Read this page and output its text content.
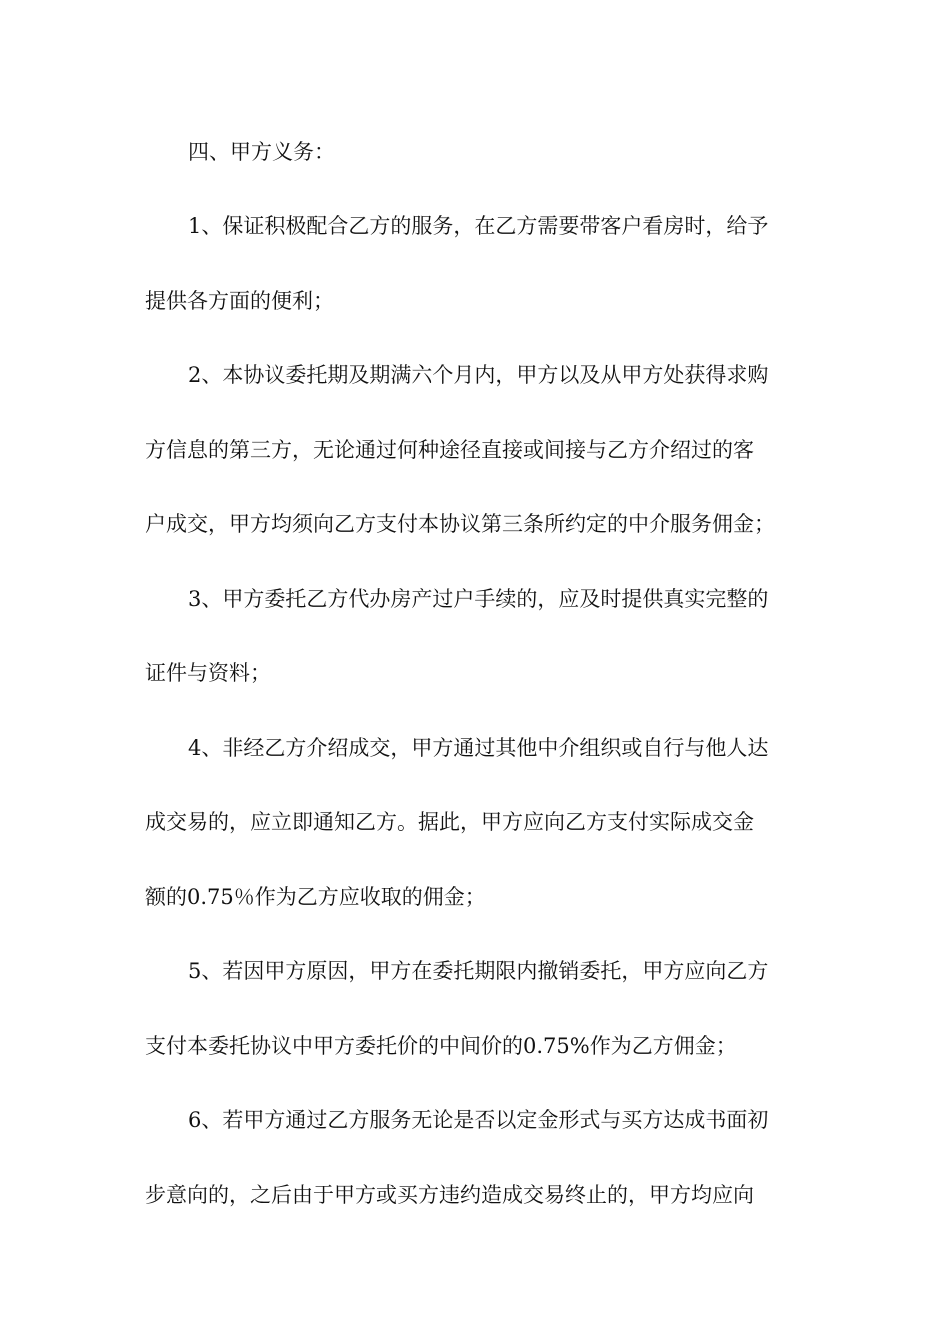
四、甲方义务：
1、保证积极配合乙方的服务，在乙方需要带客户看房时，给予
提供各方面的便利；
2、本协议委托期及期满六个月内，甲方以及从甲方处获得求购
方信息的第三方，无论通过何种途径直接或间接与乙方介绍过的客
户成交，甲方均须向乙方支付本协议第三条所约定的中介服务佣金；
3、甲方委托乙方代办房产过户手续的，应及时提供真实完整的
证件与资料；
4、非经乙方介绍成交，甲方通过其他中介组织或自行与他人达
成交易的，应立即通知乙方。据此，甲方应向乙方支付实际成交金
额的0.75％作为乙方应收取的佣金；
5、若因甲方原因，甲方在委托期限内撤销委托，甲方应向乙方
支付本委托协议中甲方委托价的中间价的0.75%作为乙方佣金；
6、若甲方通过乙方服务无论是否以定金形式与买方达成书面初
步意向的，之后由于甲方或买方违约造成交易终止的，甲方均应向
